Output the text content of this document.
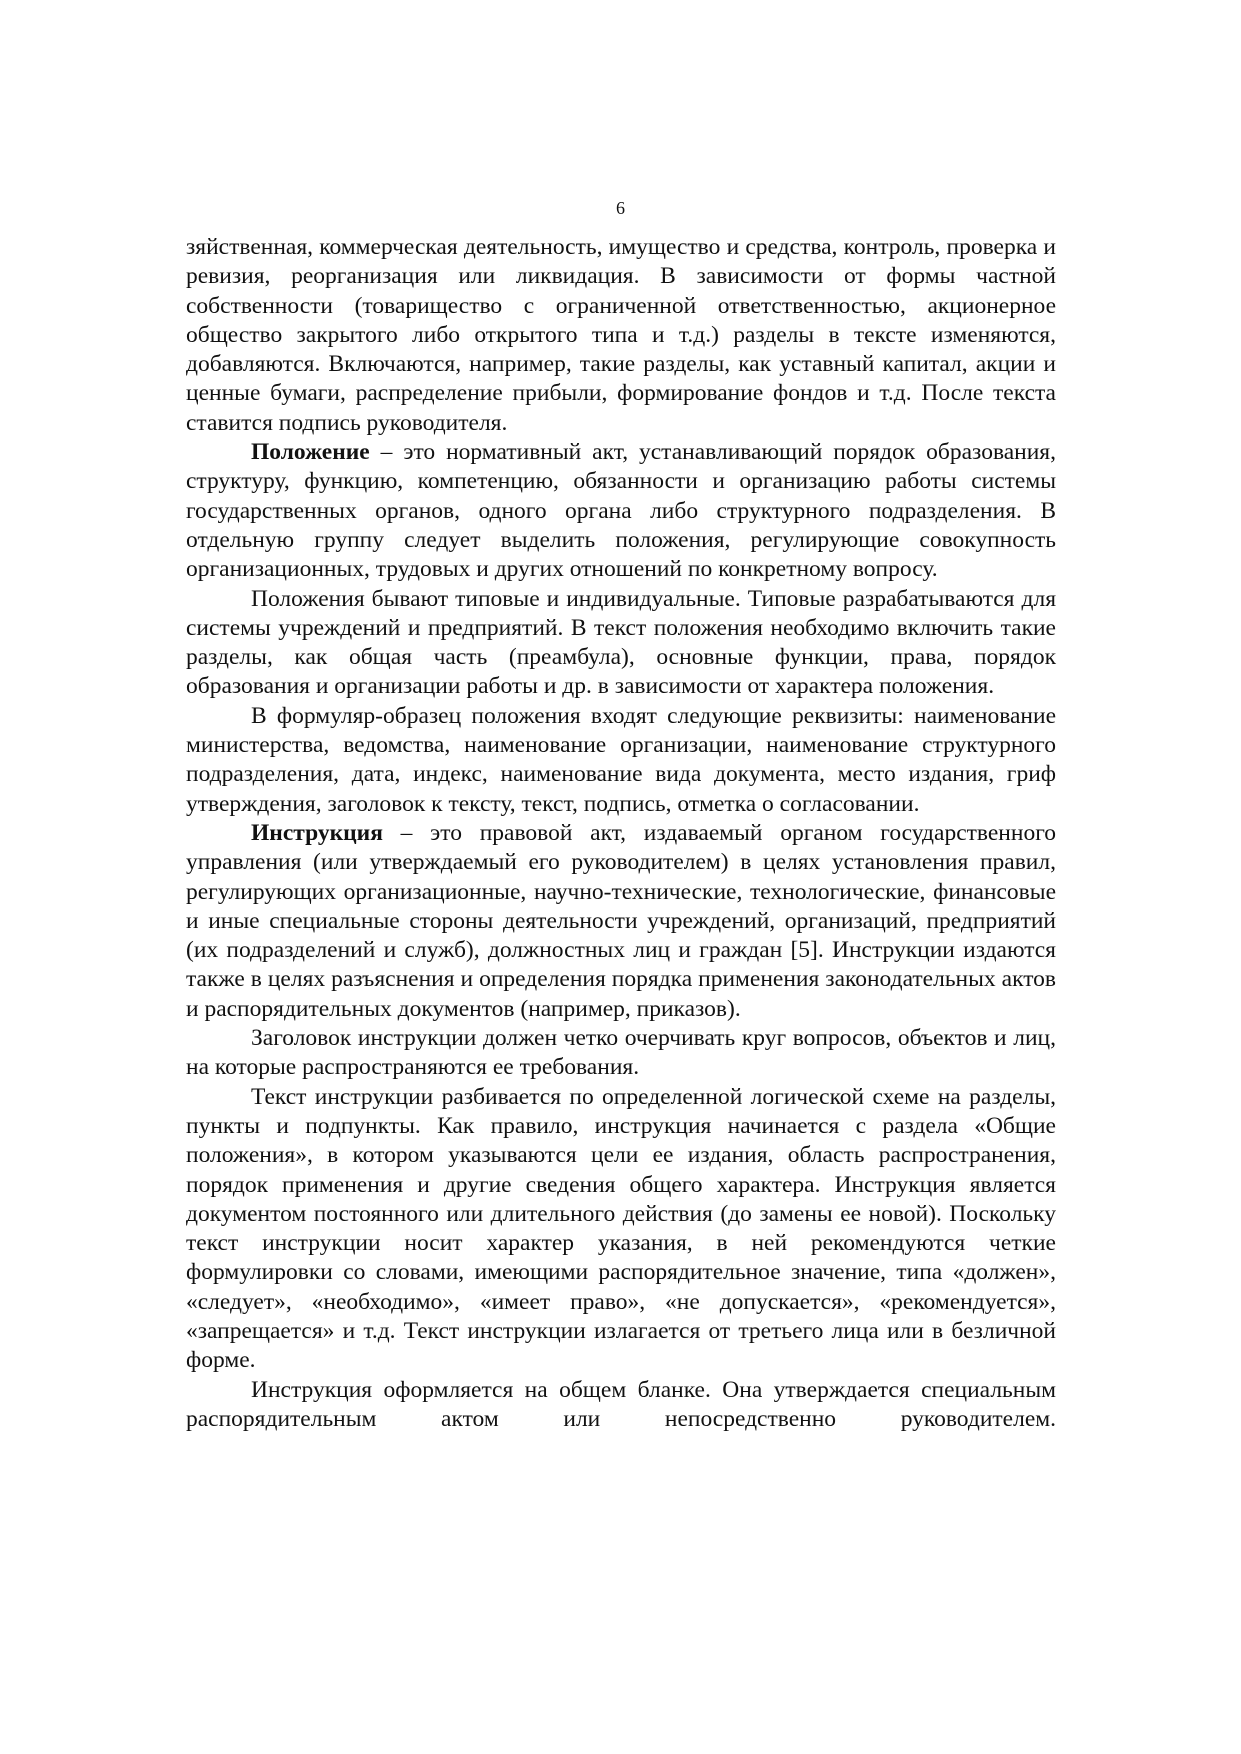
6

зяйственная, коммерческая деятельность, имущество и средства, контроль, проверка и ревизия, реорганизация или ликвидация. В зависимости от формы частной собственности (товарищество с ограниченной ответственностью, акционерное общество закрытого либо открытого типа и т.д.) разделы в тексте изменяются, добавляются. Включаются, например, такие разделы, как уставный капитал, акции и ценные бумаги, распределение прибыли, формирование фондов и т.д. После текста ставится подпись руководителя.

Положение – это нормативный акт, устанавливающий порядок образования, структуру, функцию, компетенцию, обязанности и организацию работы системы государственных органов, одного органа либо структурного подразделения. В отдельную группу следует выделить положения, регулирующие совокупность организационных, трудовых и других отношений по конкретному вопросу.

Положения бывают типовые и индивидуальные. Типовые разрабатываются для системы учреждений и предприятий. В текст положения необходимо включить такие разделы, как общая часть (преамбула), основные функции, права, порядок образования и организации работы и др. в зависимости от характера положения.

В формуляр-образец положения входят следующие реквизиты: наименование министерства, ведомства, наименование организации, наименование структурного подразделения, дата, индекс, наименование вида документа, место издания, гриф утверждения, заголовок к тексту, текст, подпись, отметка о согласовании.

Инструкция – это правовой акт, издаваемый органом государственного управления (или утверждаемый его руководителем) в целях установления правил, регулирующих организационные, научно-технические, технологические, финансовые и иные специальные стороны деятельности учреждений, организаций, предприятий (их подразделений и служб), должностных лиц и граждан [5]. Инструкции издаются также в целях разъяснения и определения порядка применения законодательных актов и распорядительных документов (например, приказов).

Заголовок инструкции должен четко очерчивать круг вопросов, объектов и лиц, на которые распространяются ее требования.

Текст инструкции разбивается по определенной логической схеме на разделы, пункты и подпункты. Как правило, инструкция начинается с раздела «Общие положения», в котором указываются цели ее издания, область распространения, порядок применения и другие сведения общего характера. Инструкция является документом постоянного или длительного действия (до замены ее новой). Поскольку текст инструкции носит характер указания, в ней рекомендуются четкие формулировки со словами, имеющими распорядительное значение, типа «должен», «следует», «необходимо», «имеет право», «не допускается», «рекомендуется», «запрещается» и т.д. Текст инструкции излагается от третьего лица или в безличной форме.

Инструкция оформляется на общем бланке. Она утверждается специальным распорядительным актом или непосредственно руководителем.
